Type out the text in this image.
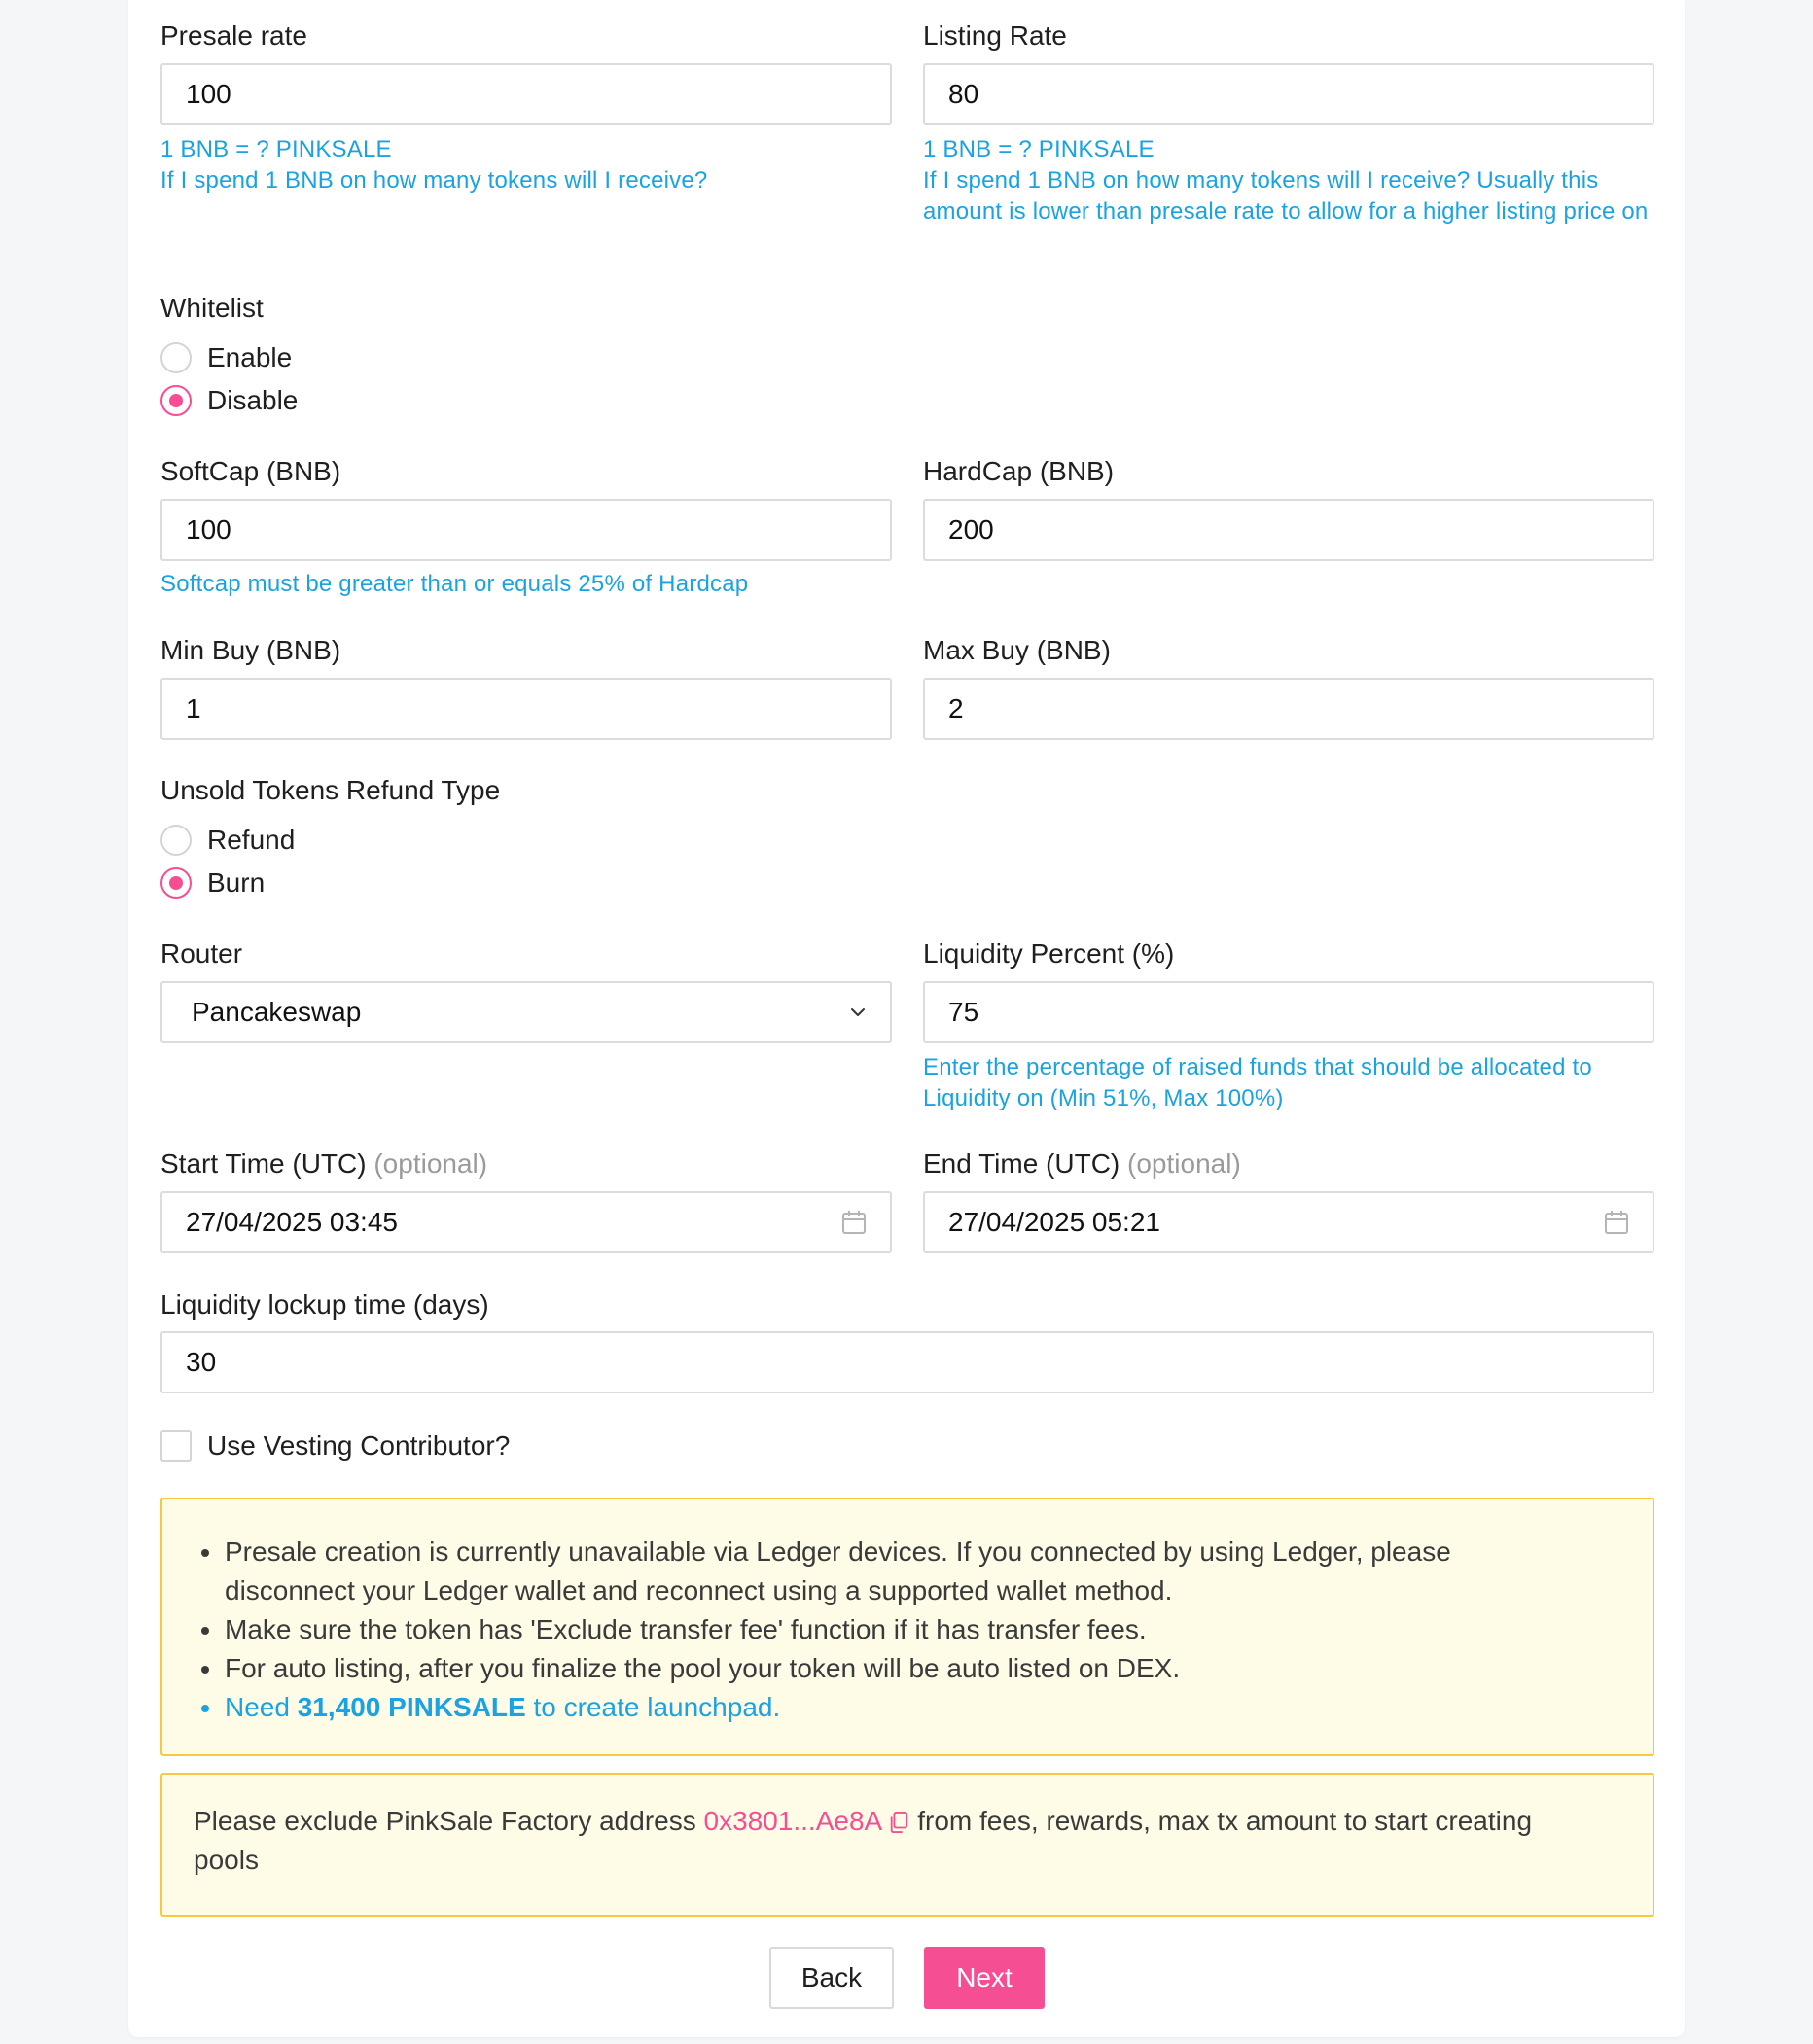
Presale rate
100
1 BNB = ? PINKSALE
If I spend 1 BNB on how many tokens will I receive?
Listing Rate
80
1 BNB = ? PINKSALE
If I spend 1 BNB on how many tokens will I receive? Usually this amount is lower than presale rate to allow for a higher listing price on
Whitelist
Enable
Disable
SoftCap (BNB)
100
Softcap must be greater than or equals 25% of Hardcap
HardCap (BNB)
200
Min Buy (BNB)
1
Max Buy (BNB)
2
Unsold Tokens Refund Type
Refund
Burn
Router
Pancakeswap
Liquidity Percent (%)
75
Enter the percentage of raised funds that should be allocated to Liquidity on (Min 51%, Max 100%)
Start Time (UTC) (optional)
27/04/2025 03:45
End Time (UTC) (optional)
27/04/2025 05:21
Liquidity lockup time (days)
30
Use Vesting Contributor?
Presale creation is currently unavailable via Ledger devices. If you connected by using Ledger, please disconnect your Ledger wallet and reconnect using a supported wallet method.
Make sure the token has 'Exclude transfer fee' function if it has transfer fees.
For auto listing, after you finalize the pool your token will be auto listed on DEX.
Need 31,400 PINKSALE to create launchpad.
Please exclude PinkSale Factory address 0x3801...Ae8A from fees, rewards, max tx amount to start creating pools
Back	Next
